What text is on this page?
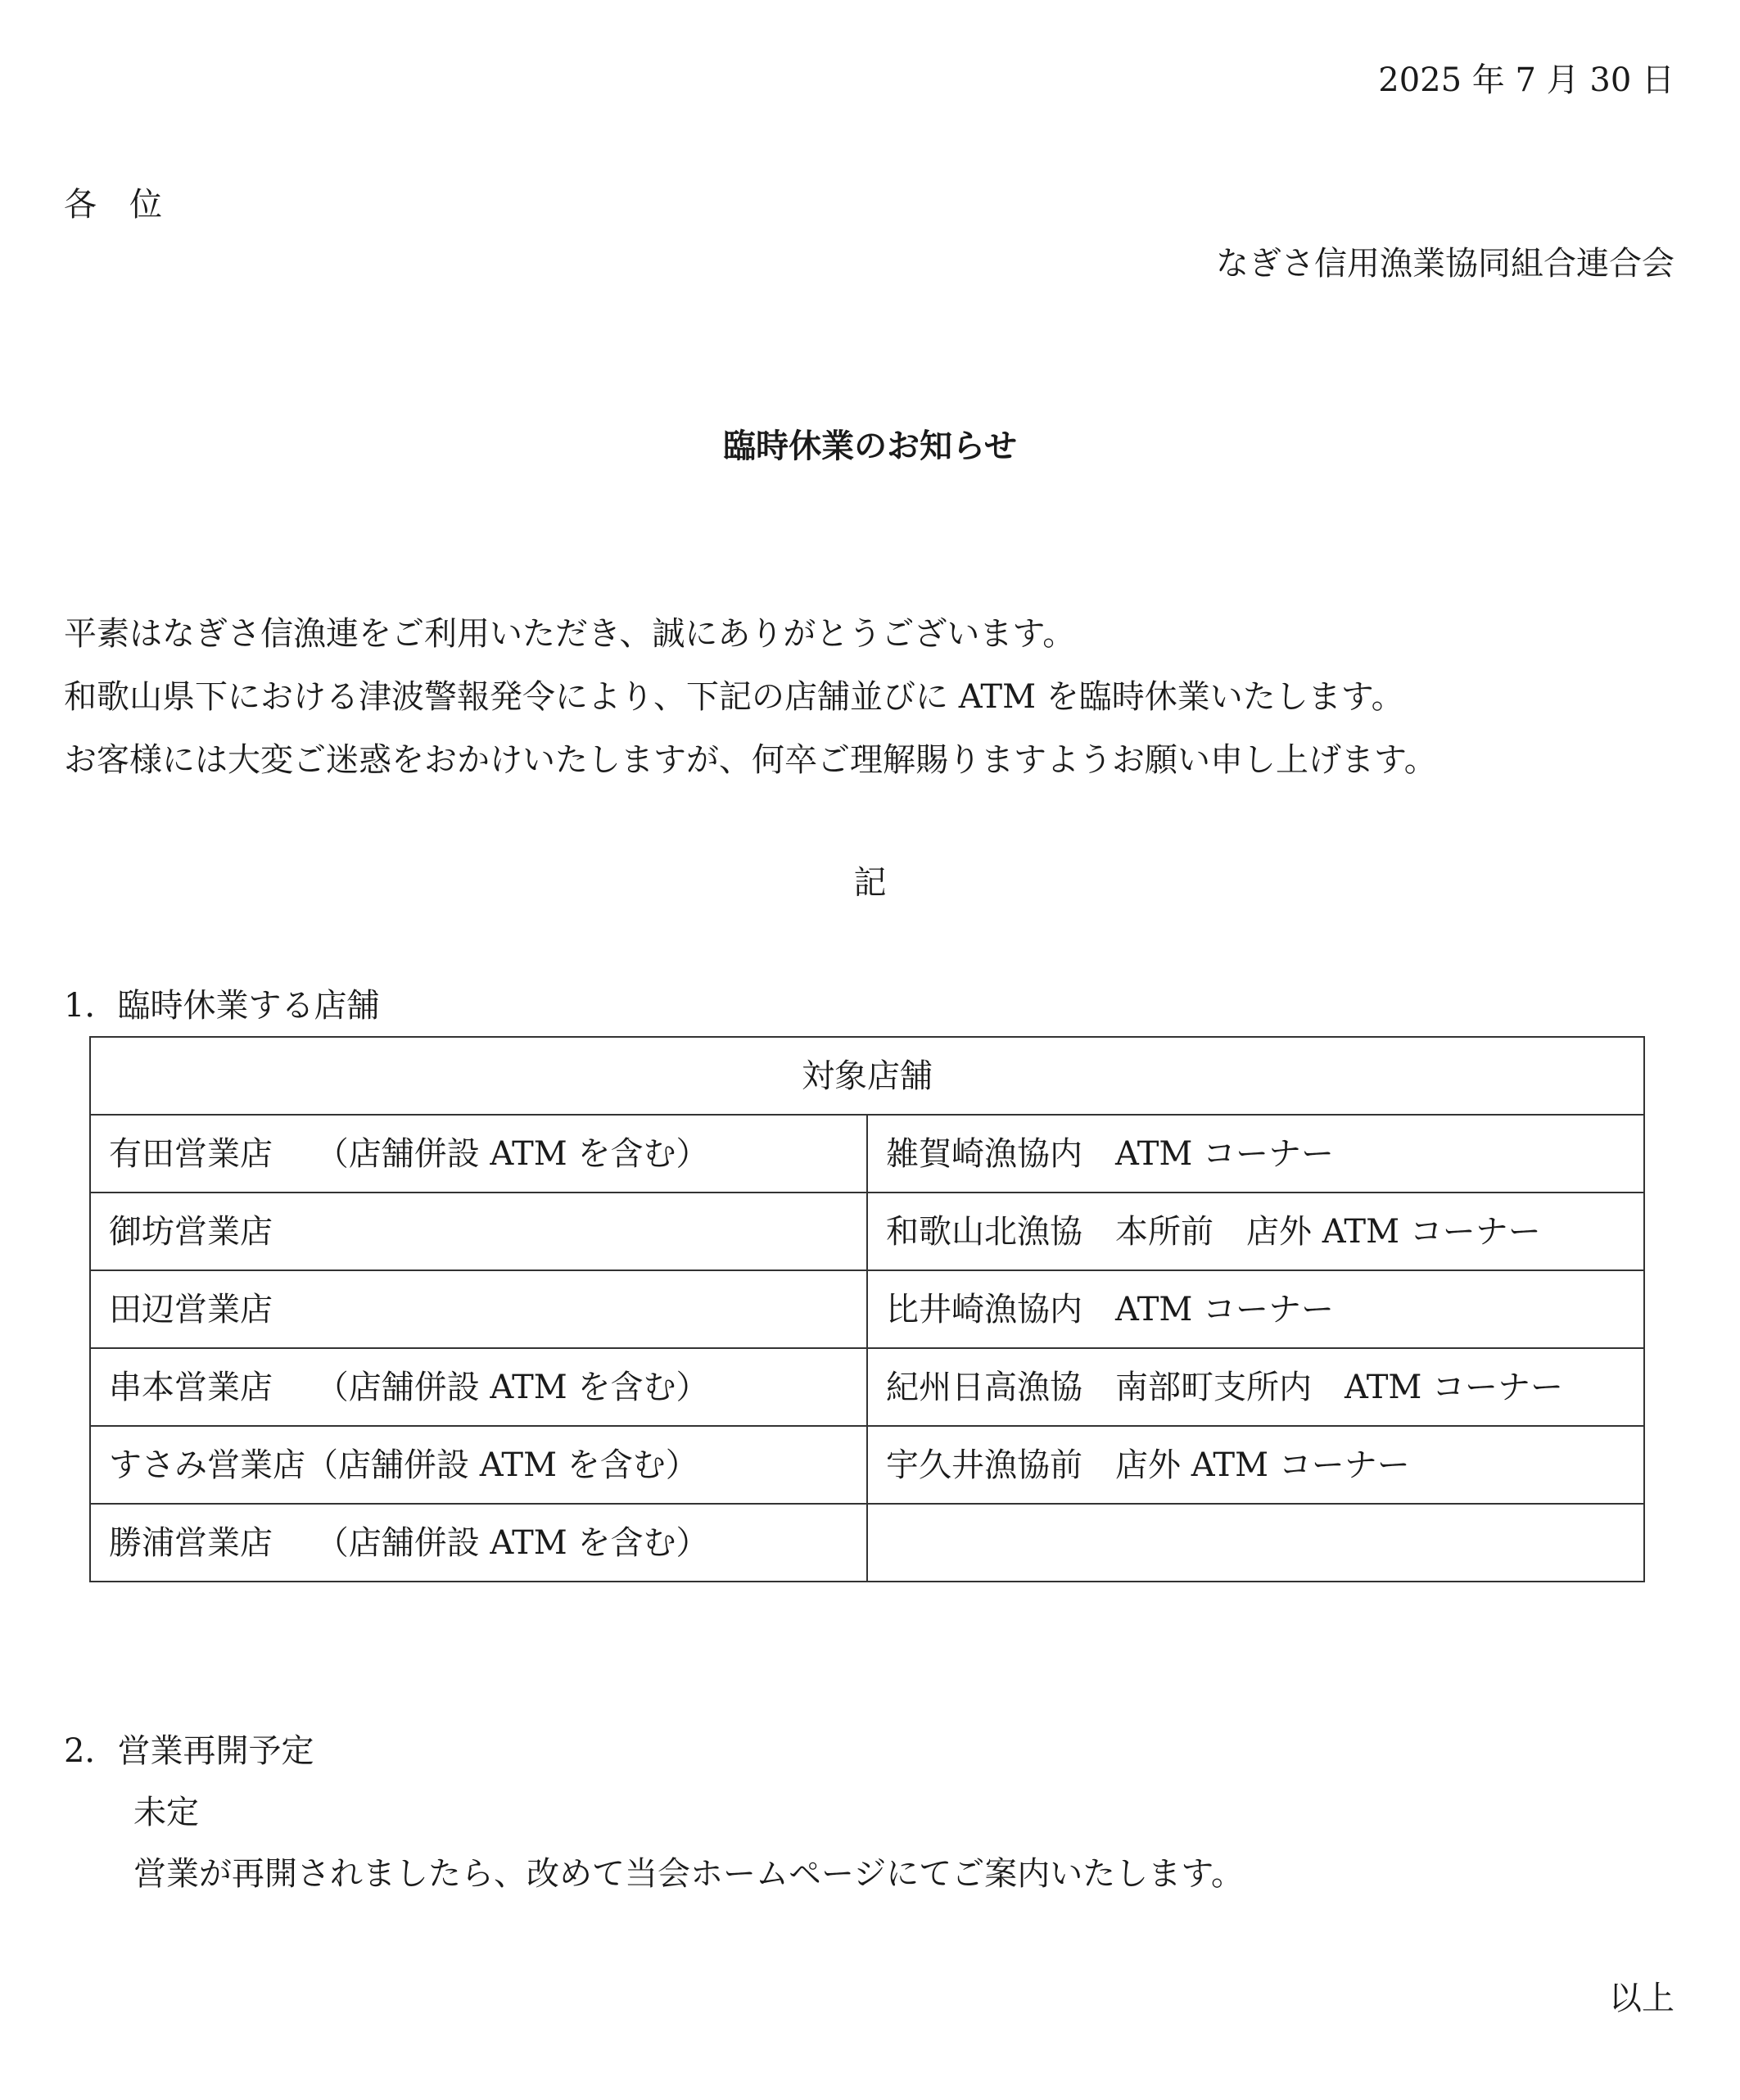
2025 年 7 月 30 日
各位
なぎさ信用漁業協同組合連合会
臨時休業のお知らせ
平素はなぎさ信漁連をご利用いただき、誠にありがとうございます。
和歌山県下における津波警報発令により、下記の店舗並びに ATM を臨時休業いたします。
お客様には大変ご迷惑をおかけいたしますが、何卒ご理解賜りますようお願い申し上げます。
記
1．臨時休業する店舗
対象店舗	
有田営業店　 （店舗併設 ATM を含む）	雑賀崎漁協内　ATM コーナー
御坊営業店	和歌山北漁協　本所前　店外 ATM コーナー
田辺営業店	比井崎漁協内　ATM コーナー
串本営業店　 （店舗併設 ATM を含む）	紀州日高漁協　南部町支所内　ATM コーナー
すさみ営業店（店舗併設 ATM を含む）	宇久井漁協前　店外 ATM コーナー
勝浦営業店　 （店舗併設 ATM を含む）	
2．営業再開予定
未定
営業が再開されましたら、改めて当会ホームページにてご案内いたします。
以上
